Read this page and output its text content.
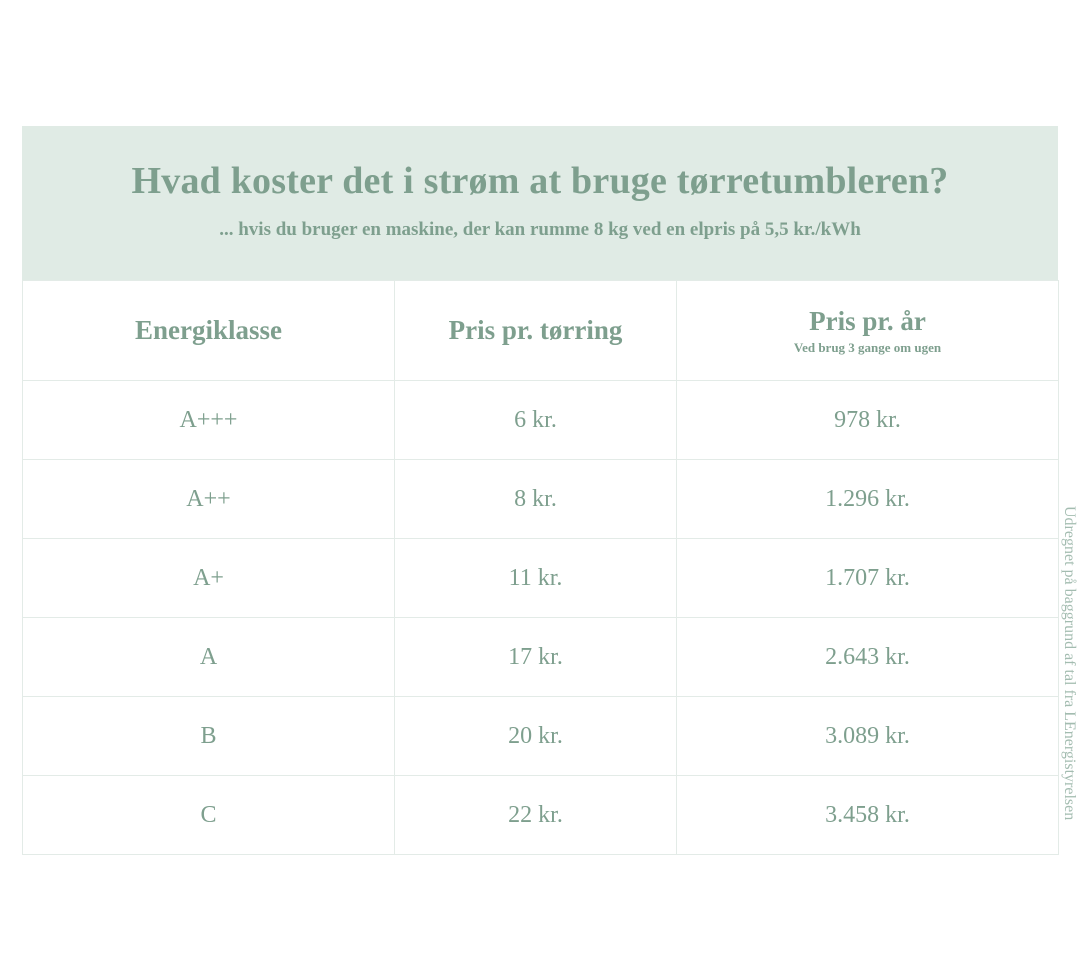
Hvad koster det i strøm at bruge tørretumbleren?

... hvis du bruger en maskine, der kan rumme 8 kg ved en elpris på 5,5 kr./kWh

Energiklasse	Pris pr. tørring	Pris pr. år
Ved brug 3 gange om ugen

A+++	6 kr.	978 kr.
A++	8 kr.	1.296 kr.
A+	11 kr.	1.707 kr.
A	17 kr.	2.643 kr.
B	20 kr.	3.089 kr.
C	22 kr.	3.458 kr.	Udregnet på baggrund af tal fra LEnergistyrelsen
